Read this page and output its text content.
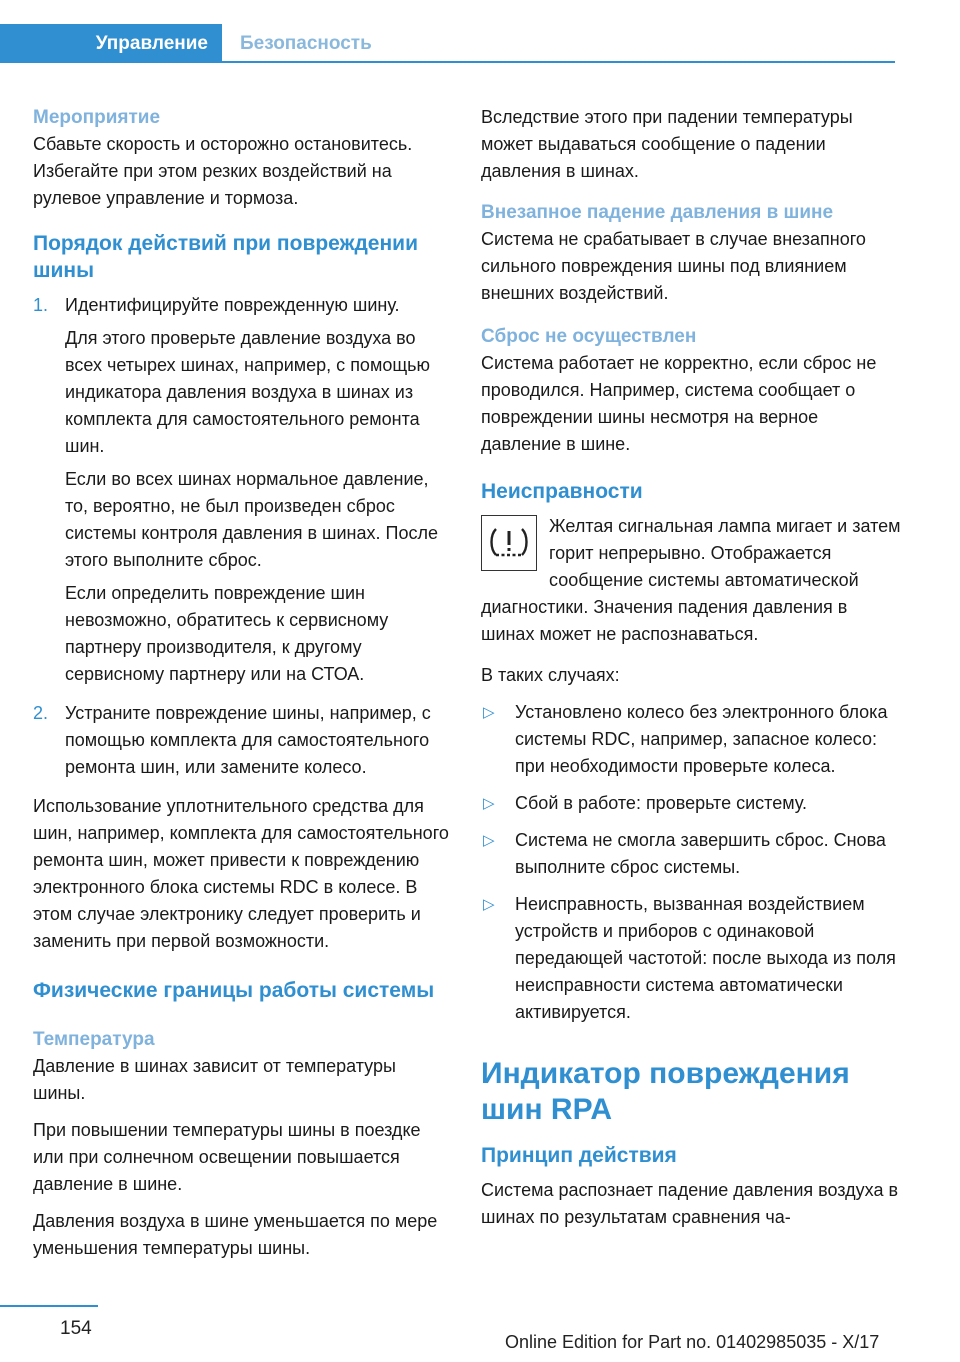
Управление Безопасность
Мероприятие

Сбавьте скорость и осторожно остановитесь. Избегайте при этом резких воздействий на рулевое управление и тормоза.

Порядок действий при повреждении шины
1. Идентифицируйте поврежденную шину.

Для этого проверьте давление воздуха во всех четырех шинах, например, с помощью индикатора давления воздуха в шинах из комплекта для самостоятельного ремонта шин.

Если во всех шинах нормальное давление, то, вероятно, не был произведен сброс системы контроля давления в шинах. После этого выполните сброс.

Если определить повреждение шин невозможно, обратитесь к сервисному партнеру производителя, к другому сервисному партнеру или на СТОА.

2. Устраните повреждение шины, например, с помощью комплекта для самостоятельного ремонта шин, или замените колесо.

Использование уплотнительного средства для шин, например, комплекта для самостоятельного ремонта шин, может привести к повреждению электронного блока системы RDC в колесе. В этом случае электронику следует проверить и заменить при первой возможности.

Физические границы работы системы
Температура

Давление в шинах зависит от температуры шины.

При повышении температуры шины в поездке или при солнечном освещении повышается давление в шине.

Давления воздуха в шине уменьшается по мере уменьшения температуры шины.

Вследствие этого при падении температуры может выдаваться сообщение о падении давления в шинах.

Внезапное падение давления в шине

Система не срабатывает в случае внезапного сильного повреждения шины под влиянием внешних воздействий.

Сброс не осуществлен

Система работает не корректно, если сброс не проводился. Например, система сообщает о повреждении шины несмотря на верное давление в шине.

Неисправности

Желтая сигнальная лампа мигает и затем горит непрерывно. Отображается сообщение системы автоматической диагностики. Значения падения давления в шинах может не распознаваться.

В таких случаях:

▷	Установлено колесо без электронного блока системы RDC, например, запасное колесо: при необходимости проверьте колеса.
▷	Сбой в работе: проверьте систему.
▷	Система не смогла завершить сброс. Снова выполните сброс системы.
▷	Неисправность, вызванная воздействием устройств и приборов с одинаковой передающей частотой: после выхода из поля неисправности система автоматически активируется.
Индикатор повреждения шин RPA
Принцип действия

Система распознает падение давления воздуха в шинах по результатам сравнения ча-

154
Online Edition for Part no. 01402985035 - X/17
